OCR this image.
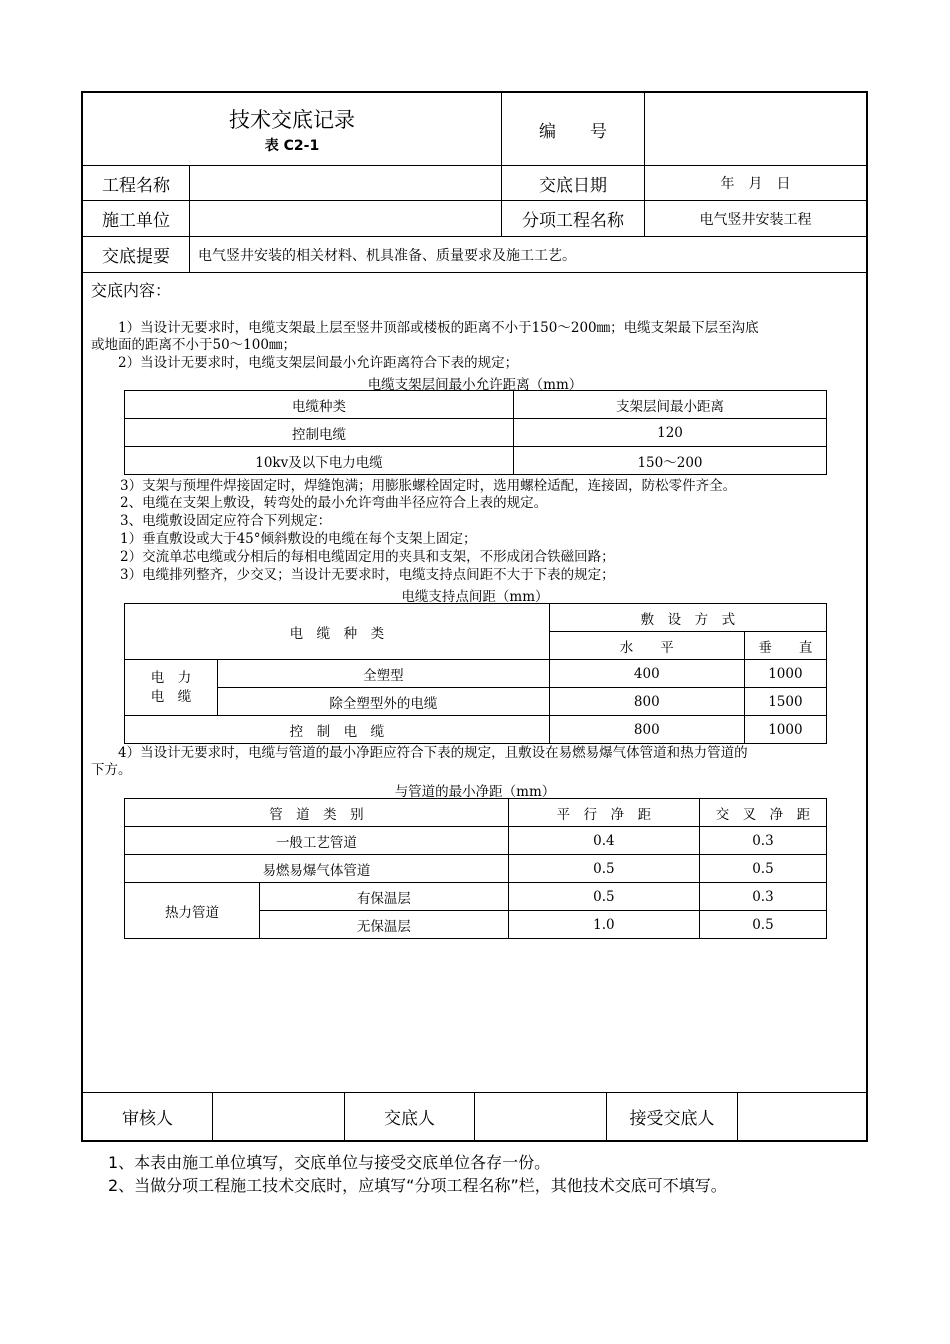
技术交底记录
表 C2-1
编　　号
工程名称	交底日期	年　月　日
施工单位	分项工程名称	电气竖井安装工程
交底提要	电气竖井安装的相关材料、机具准备、质量要求及施工工艺。
交底内容：
1）当设计无要求时，电缆支架最上层至竖井顶部或楼板的距离不小于150～200㎜；电缆支架最下层至沟底
或地面的距离不小于50～100㎜；
2）当设计无要求时，电缆支架层间最小允许距离符合下表的规定；
电缆支架层间最小允许距离（mm）
电缆种类	支架层间最小距离
控制电缆	120
10kv及以下电力电缆	150～200
3）支架与预埋件焊接固定时，焊缝饱满；用膨胀螺栓固定时，选用螺栓适配，连接固，防松零件齐全。
2、电缆在支架上敷设，转弯处的最小允许弯曲半径应符合上表的规定。
3、电缆敷设固定应符合下列规定：
1）垂直敷设或大于45°倾斜敷设的电缆在每个支架上固定；
2）交流单芯电缆或分相后的每相电缆固定用的夹具和支架，不形成闭合铁磁回路；
3）电缆排列整齐，少交叉；当设计无要求时，电缆支持点间距不大于下表的规定；
电缆支持点间距（mm）
电　缆　种　类		敷　设　方　式	
		水　　平	垂　　直

电　力
电　缆	全塑型	400	1000
	除全塑型外的电缆	800	1500
控　制　电　缆		800	1000
4）当设计无要求时，电缆与管道的最小净距应符合下表的规定，且敷设在易燃易爆气体管道和热力管道的
下方。
与管道的最小净距（mm）
管　道　类　别		平　行　净　距	交　叉　净　距
一般工艺管道		0.4	0.3
易燃易爆气体管道		0.5	0.5
热力管道	有保温层	0.5	0.3
	无保温层	1.0	0.5
审核人	交底人	接受交底人
1、本表由施工单位填写，交底单位与接受交底单位各存一份。
2、当做分项工程施工技术交底时，应填写“分项工程名称”栏，其他技术交底可不填写。
